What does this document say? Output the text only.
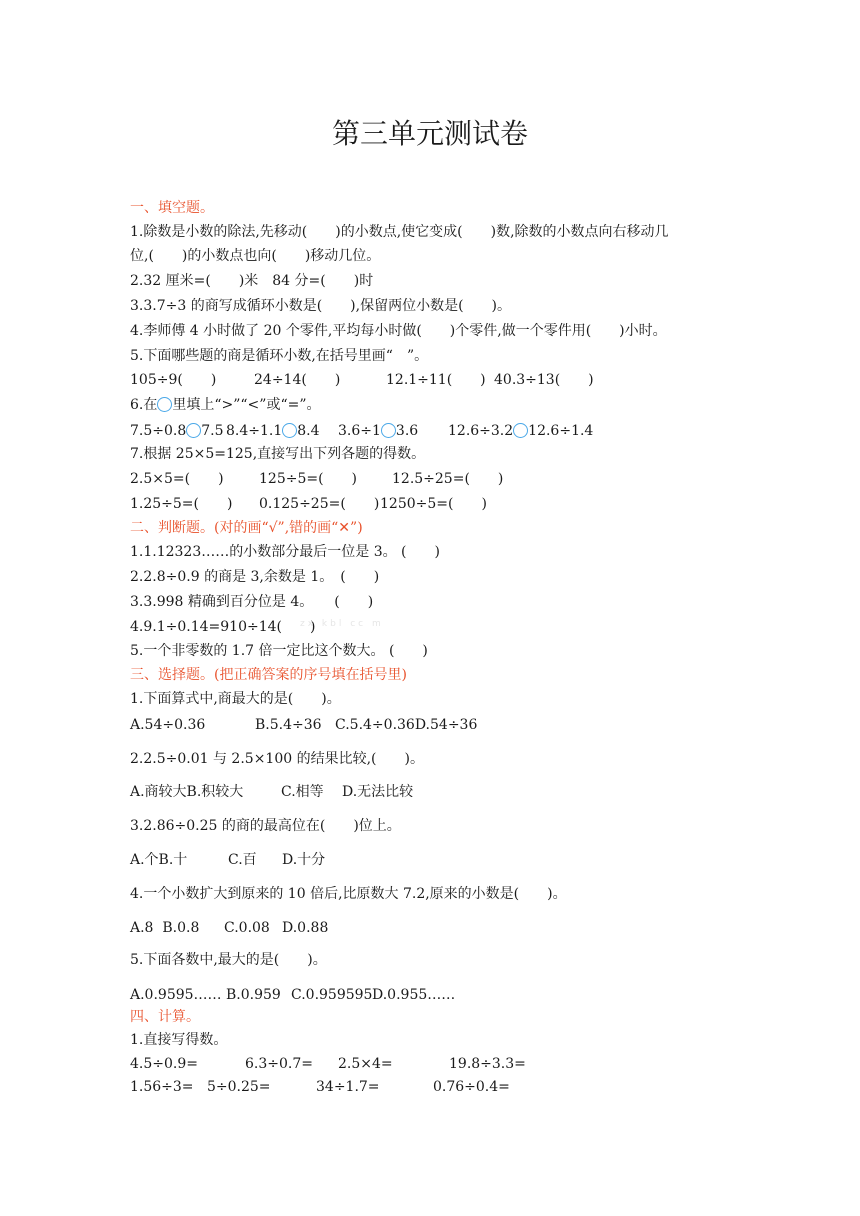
第三单元测试卷
一、填空题。
1.除数是小数的除法,先移动(　　)的小数点,使它变成(　　)数,除数的小数点向右移动几
位,(　　)的小数点也向(　　)移动几位。
2.32 厘米=(　　)米　84 分=(　　)时
3.3.7÷3 的商写成循环小数是(　　),保留两位小数是(　　)。
4.李师傅 4 小时做了 20 个零件,平均每小时做(　　)个零件,做一个零件用(　　)小时。
5.下面哪些题的商是循环小数,在括号里画“　”。
105÷9(　　)	24÷14(　　)	12.1÷11(　　) 40.3÷13(　　)
6.在 里填上“>”“<”或“=”。
7.5÷0.8 7.5 8.4÷1.1 8.4 3.6÷1 3.6 12.6÷3.2 12.6÷1.4
7.根据 25×5=125,直接写出下列各题的得数。
2.5×5=(　　)	125÷5=(　　) 12.5÷25=(　　)
1.25÷5=(　　) 0.125÷25=(　　) 1250÷5=(　　)
二、判断题。(对的画“√”,错的画“✕”)
1.1.12323……的小数部分最后一位是 3。 (　　)
2.2.8÷0.9 的商是 3,余数是 1。　(　　)
3.3.998 精确到百分位是 4。　　(　　)
4.9.1÷0.14=910÷14(　　)
zx kbl cc m
5.一个非零数的 1.7 倍一定比这个数大。 (　　)
三、选择题。(把正确答案的序号填在括号里)
1.下面算式中,商最大的是(　　)。
A.54÷0.36	B.5.4÷36 C.5.4÷0.36D.54÷36
2.2.5÷0.01 与 2.5×100 的结果比较,(　　)。
A.商较大B.积较大	C.相等 D.无法比较
3.2.86÷0.25 的商的最高位在(　　)位上。
A.个B.十	C.百 D.十分
4.一个小数扩大到原来的 10 倍后,比原数大 7.2,原来的小数是(　　)。
A.8  B.0.8 C.0.08 D.0.88
5.下面各数中,最大的是(　　)。
A.0.9595…… B.0.959 C.0.959595 D.0.955……
四、计算。
1.直接写得数。
4.5÷0.9=	6.3÷0.7= 2.5×4=	19.8÷3.3=
1.56÷3= 5÷0.25=	34÷1.7=	0.76÷0.4=
